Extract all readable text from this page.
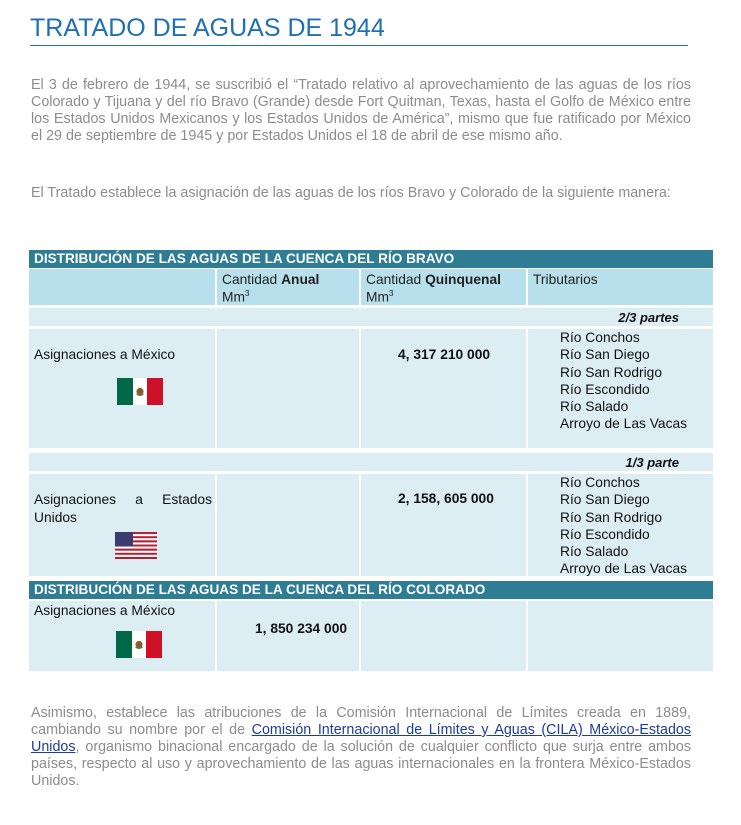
TRATADO DE AGUAS DE 1944
El 3 de febrero de 1944, se suscribió el “Tratado relativo al aprovechamiento de las aguas de los ríos Colorado y Tijuana y del río Bravo (Grande) desde Fort Quitman, Texas, hasta el Golfo de México entre los Estados Unidos Mexicanos y los Estados Unidos de América”, mismo que fue ratificado por México el 29 de septiembre de 1945 y por Estados Unidos el 18 de abril de ese mismo año.
El Tratado establece la asignación de las aguas de los ríos Bravo y Colorado de la siguiente manera:
DISTRIBUCIÓN DE LAS AGUAS DE LA CUENCA DEL RÍO BRAVO
Cantidad Anual
Mm$^3$
Cantidad Quinquenal
Mm$^3$
Tributarios
2/3 partes
Asignaciones a México	4, 317 210 000
Río Conchos
Río San Diego
Río San Rodrigo
Río Escondido
Río Salado
Arroyo de Las Vacas
1/3 parte
Asignaciones a Estados Unidos
2, 158, 605 000
Río Conchos
Río San Diego
Río San Rodrigo
Río Escondido
Río Salado
Arroyo de Las Vacas
DISTRIBUCIÓN DE LAS AGUAS DE LA CUENCA DEL RÍO COLORADO
Asignaciones a México
1, 850 234 000
Asimismo, establece las atribuciones de la Comisión Internacional de Límites creada en 1889, cambiando su nombre por el de Comisión Internacional de Límites y Aguas (CILA) México-Estados Unidos, organismo binacional encargado de la solución de cualquier conflicto que surja entre ambos países, respecto al uso y aprovechamiento de las aguas internacionales en la frontera México-Estados Unidos.
